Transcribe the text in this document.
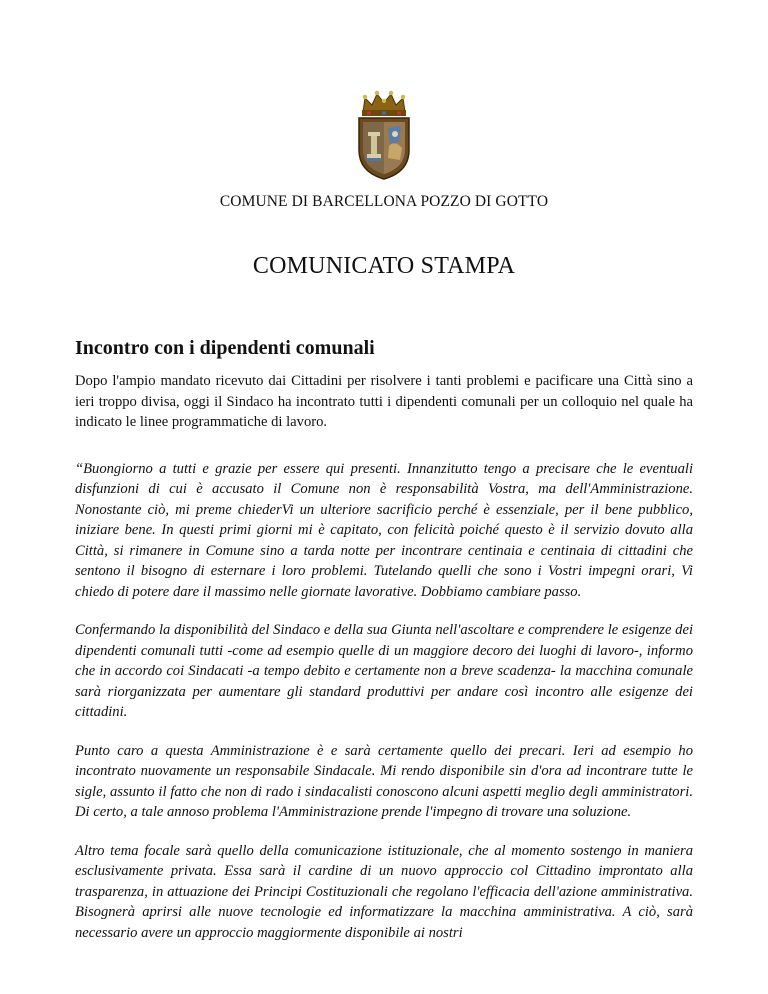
COMUNE DI BARCELLONA POZZO DI GOTTO
COMUNICATO STAMPA
Incontro con i dipendenti comunali

Dopo l'ampio mandato ricevuto dai Cittadini per risolvere i tanti problemi e pacificare una Città sino a ieri troppo divisa, oggi il Sindaco ha incontrato tutti i dipendenti comunali per un colloquio nel quale ha indicato le linee programmatiche di lavoro.

“Buongiorno a tutti e grazie per essere qui presenti. Innanzitutto tengo a precisare che le eventuali disfunzioni di cui è accusato il Comune non è responsabilità Vostra, ma dell'Amministrazione. Nonostante ciò, mi preme chiederVi un ulteriore sacrificio perché è essenziale, per il bene pubblico, iniziare bene. In questi primi giorni mi è capitato, con felicità poiché questo è il servizio dovuto alla Città, si rimanere in Comune sino a tarda notte per incontrare centinaia e centinaia di cittadini che sentono il bisogno di esternare i loro problemi. Tutelando quelli che sono i Vostri impegni orari, Vi chiedo di potere dare il massimo nelle giornate lavorative. Dobbiamo cambiare passo.

Confermando la disponibilità del Sindaco e della sua Giunta nell'ascoltare e comprendere le esigenze dei dipendenti comunali tutti -come ad esempio quelle di un maggiore decoro dei luoghi di lavoro-, informo che in accordo coi Sindacati -a tempo debito e certamente non a breve scadenza- la macchina comunale sarà riorganizzata per aumentare gli standard produttivi per andare così incontro alle esigenze dei cittadini.

Punto caro a questa Amministrazione è e sarà certamente quello dei precari. Ieri ad esempio ho incontrato nuovamente un responsabile Sindacale. Mi rendo disponibile sin d'ora ad incontrare tutte le sigle, assunto il fatto che non di rado i sindacalisti conoscono alcuni aspetti meglio degli amministratori. Di certo, a tale annoso problema l'Amministrazione prende l'impegno di trovare una soluzione.

Altro tema focale sarà quello della comunicazione istituzionale, che al momento sostengo in maniera esclusivamente privata. Essa sarà il cardine di un nuovo approccio col Cittadino improntato alla trasparenza, in attuazione dei Principi Costituzionali che regolano l'efficacia dell'azione amministrativa. Bisognerà aprirsi alle nuove tecnologie ed informatizzare la macchina amministrativa. A ciò, sarà necessario avere un approccio maggiormente disponibile ai nostri
